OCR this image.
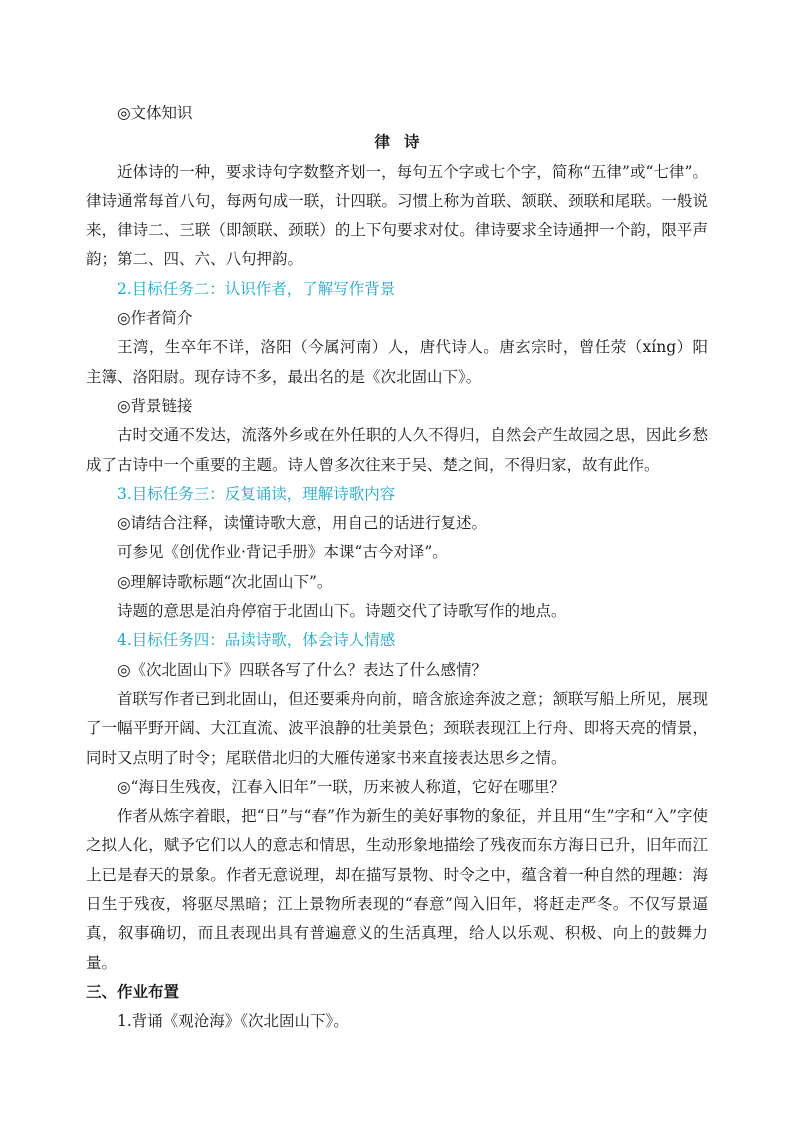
◎文体知识
律诗
近体诗的一种，要求诗句字数整齐划一，每句五个字或七个字，简称“五律”或“七律”。律诗通常每首八句，每两句成一联，计四联。习惯上称为首联、颔联、颈联和尾联。一般说来，律诗二、三联（即颔联、颈联）的上下句要求对仗。律诗要求全诗通押一个韵，限平声韵；第二、四、六、八句押韵。
2.目标任务二：认识作者，了解写作背景
◎作者简介
王湾，生卒年不详，洛阳（今属河南）人，唐代诗人。唐玄宗时，曾任荥（xíng）阳主簿、洛阳尉。现存诗不多，最出名的是《次北固山下》。
◎背景链接
古时交通不发达，流落外乡或在外任职的人久不得归，自然会产生故园之思，因此乡愁成了古诗中一个重要的主题。诗人曾多次往来于吴、楚之间，不得归家，故有此作。
3.目标任务三：反复诵读，理解诗歌内容
◎请结合注释，读懂诗歌大意，用自己的话进行复述。
可参见《创优作业·背记手册》本课“古今对译”。
◎理解诗歌标题“次北固山下”。
诗题的意思是泊舟停宿于北固山下。诗题交代了诗歌写作的地点。
4.目标任务四：品读诗歌，体会诗人情感
◎《次北固山下》四联各写了什么？表达了什么感情？
首联写作者已到北固山，但还要乘舟向前，暗含旅途奔波之意；颔联写船上所见，展现了一幅平野开阔、大江直流、波平浪静的壮美景色；颈联表现江上行舟、即将天亮的情景，同时又点明了时令；尾联借北归的大雁传递家书来直接表达思乡之情。
◎“海日生残夜，江春入旧年”一联，历来被人称道，它好在哪里？
作者从炼字着眼，把“日”与“春”作为新生的美好事物的象征，并且用“生”字和“入”字使之拟人化，赋予它们以人的意志和情思，生动形象地描绘了残夜而东方海日已升，旧年而江上已是春天的景象。作者无意说理，却在描写景物、时令之中，蕴含着一种自然的理趣：海日生于残夜，将驱尽黑暗；江上景物所表现的“春意”闯入旧年，将赶走严冬。不仅写景逼真，叙事确切，而且表现出具有普遍意义的生活真理，给人以乐观、积极、向上的鼓舞力量。
三、作业布置
1.背诵《观沧海》《次北固山下》。
